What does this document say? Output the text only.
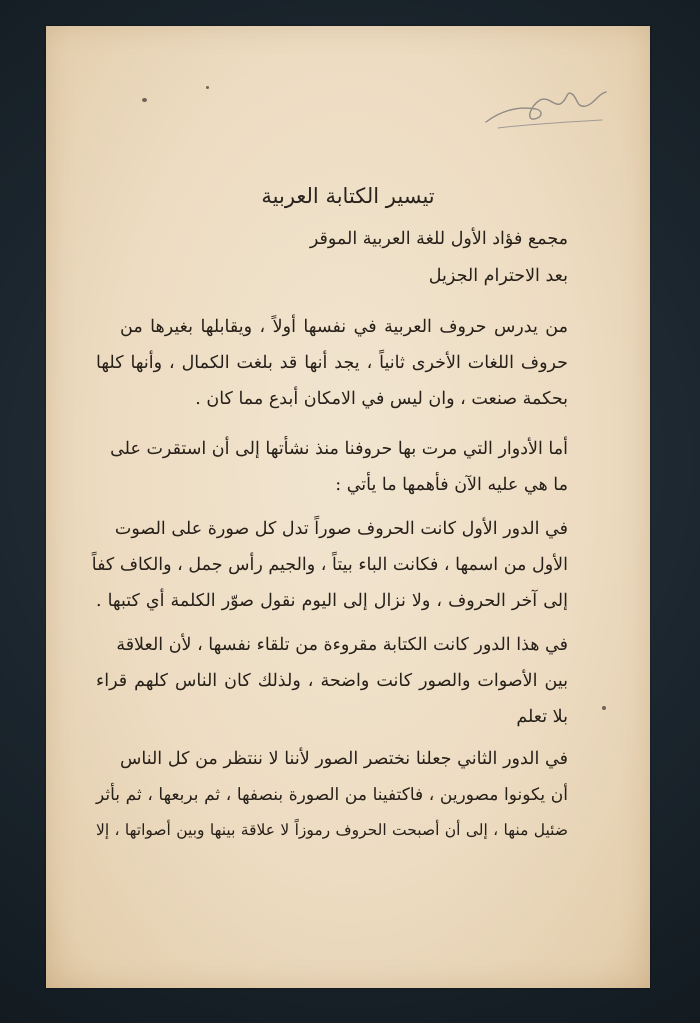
تيسير الكتابة العربية
مجمع فؤاد الأول للغة العربية الموقر
بعد الاحترام الجزيل
من يدرس حروف العربية في نفسها أولاً ، ويقابلها بغيرها من
حروف اللغات الأخرى ثانياً ، يجد أنها قد بلغت الكمال ، وأنها كلها
بحكمة صنعت ، وان ليس في الامكان أبدع مما كان .
أما الأدوار التي مرت بها حروفنا منذ نشأتها إلى أن استقرت على
ما هي عليه الآن فأهمها ما يأتي :
في الدور الأول كانت الحروف صوراً تدل كل صورة على الصوت
الأول من اسمها ، فكانت الباء بيتاً ، والجيم رأس جمل ، والكاف كفاً
إلى آخر الحروف ، ولا نزال إلى اليوم نقول صوّر الكلمة أي كتبها .
في هذا الدور كانت الكتابة مقروءة من تلقاء نفسها ، لأن العلاقة
بين الأصوات والصور كانت واضحة ، ولذلك كان الناس كلهم قراء
بلا تعلم
في الدور الثاني جعلنا نختصر الصور لأننا لا ننتظر من كل الناس
أن يكونوا مصورين ، فاكتفينا من الصورة بنصفها ، ثم بربعها ، ثم بأثر
ضئيل منها ، إلى أن أصبحت الحروف رموزاً لا علاقة بينها وبين أصواتها ، إلا
